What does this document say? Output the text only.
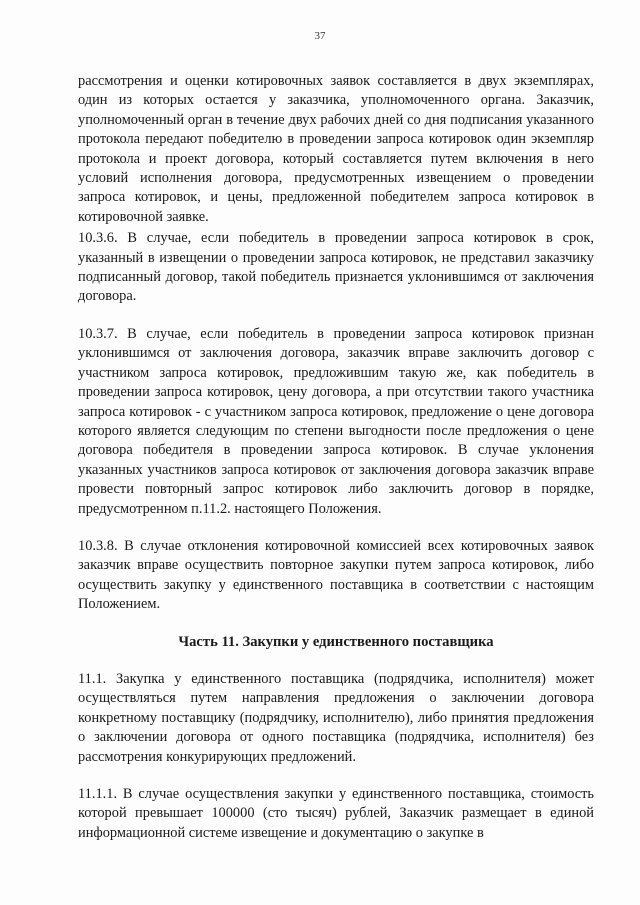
37

рассмотрения и оценки котировочных заявок составляется в двух экземплярах, один из которых остается у заказчика, уполномоченного органа. Заказчик, уполномоченный орган в течение двух рабочих дней со дня подписания указанного протокола передают победителю в проведении запроса котировок один экземпляр протокола и проект договора, который составляется путем включения в него условий исполнения договора, предусмотренных извещением о проведении запроса котировок, и цены, предложенной победителем запроса котировок в котировочной заявке.

10.3.6. В случае, если победитель в проведении запроса котировок в срок, указанный в извещении о проведении запроса котировок, не представил заказчику подписанный договор, такой победитель признается уклонившимся от заключения договора.

10.3.7. В случае, если победитель в проведении запроса котировок признан уклонившимся от заключения договора, заказчик вправе заключить договор с участником запроса котировок, предложившим такую же, как победитель в проведении запроса котировок, цену договора, а при отсутствии такого участника запроса котировок - с участником запроса котировок, предложение о цене договора которого является следующим по степени выгодности после предложения о цене договора победителя в проведении запроса котировок. В случае уклонения указанных участников запроса котировок от заключения договора заказчик вправе провести повторный запрос котировок либо заключить договор в порядке, предусмотренном п.11.2. настоящего Положения.

10.3.8. В случае отклонения котировочной комиссией всех котировочных заявок заказчик вправе осуществить повторное закупки путем запроса котировок, либо осуществить закупку у единственного поставщика в соответствии с настоящим Положением.

Часть 11. Закупки у единственного поставщика

11.1. Закупка у единственного поставщика (подрядчика, исполнителя) может осуществляться путем направления предложения о заключении договора конкретному поставщику (подрядчику, исполнителю), либо принятия предложения о заключении договора от одного поставщика (подрядчика, исполнителя) без рассмотрения конкурирующих предложений.

11.1.1. В случае осуществления закупки у единственного поставщика, стоимость которой превышает 100000 (сто тысяч) рублей, Заказчик размещает в единой информационной системе извещение и документацию о закупке в
